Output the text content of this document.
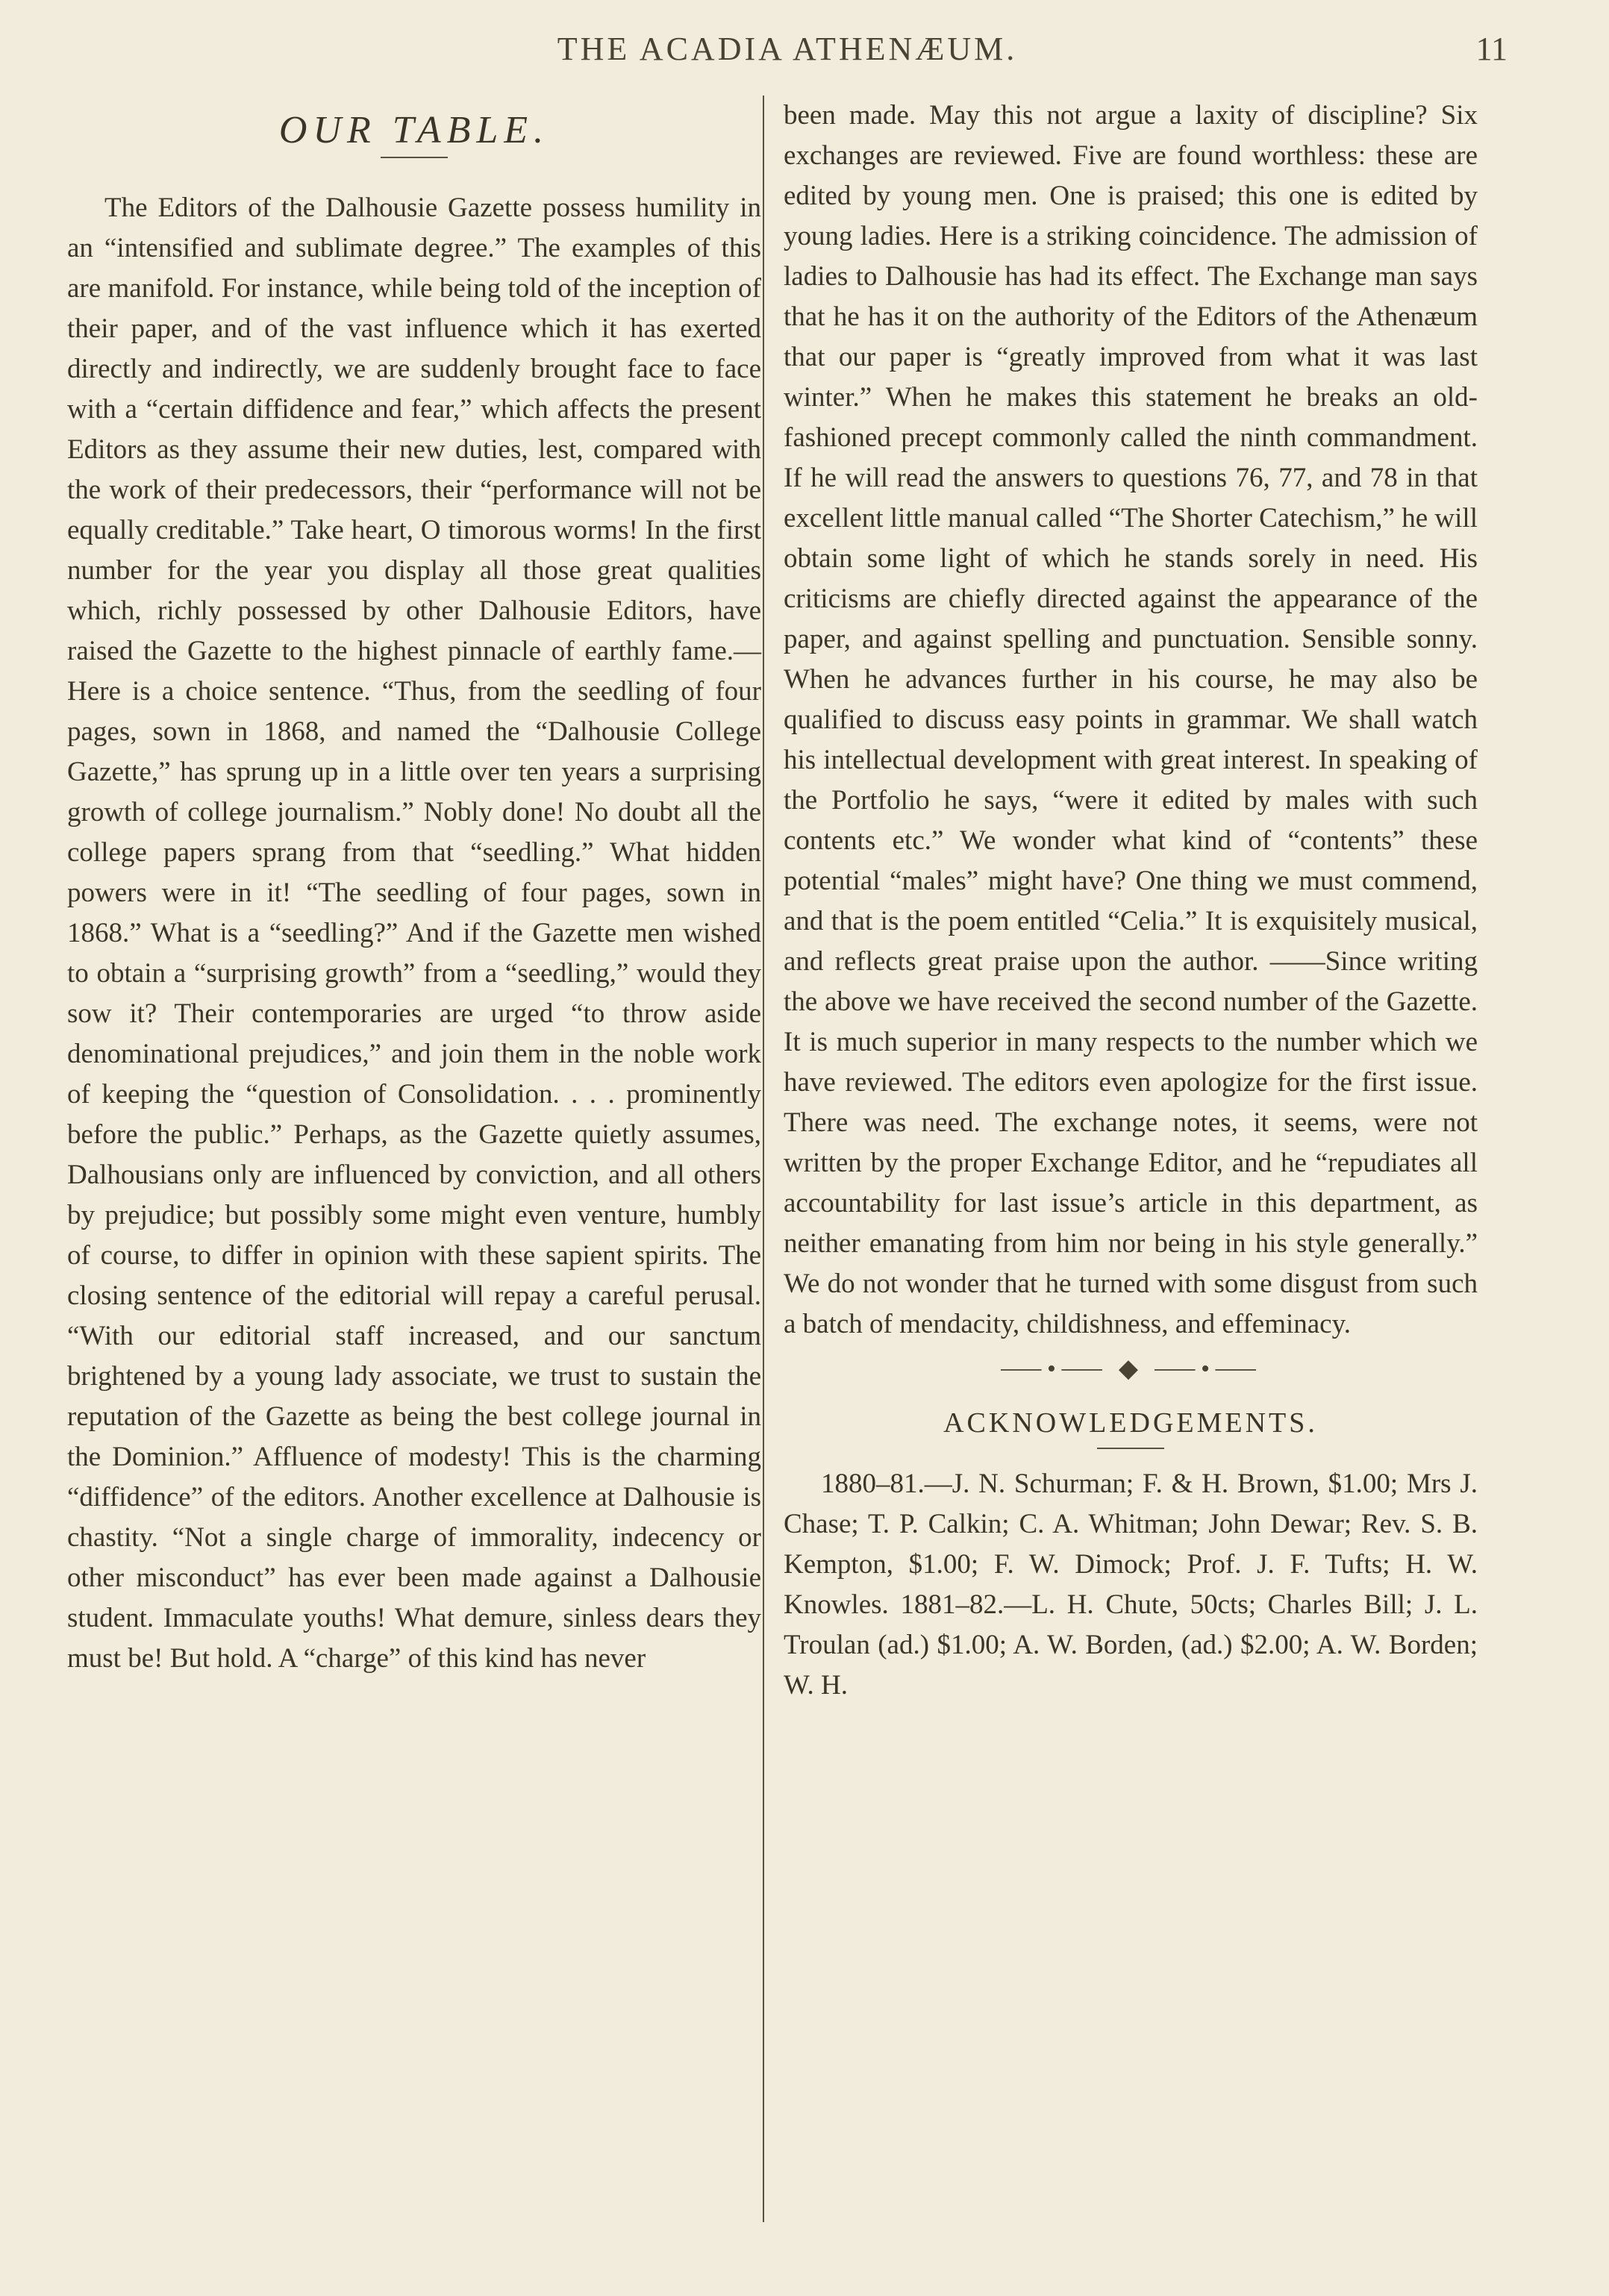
THE ACADIA ATHENÆUM.	11
OUR TABLE.

The Editors of the Dalhousie Gazette possess humility in an “intensified and sublimate degree.” The examples of this are manifold. For instance, while being told of the inception of their paper, and of the vast influence which it has exerted directly and indirectly, we are suddenly brought face to face with a “certain diffidence and fear,” which affects the present Editors as they assume their new duties, lest, compared with the work of their predecessors, their “performance will not be equally creditable.” Take heart, O timorous worms! In the first number for the year you display all those great qualities which, richly possessed by other Dalhousie Editors, have raised the Gazette to the highest pinnacle of earthly fame.—Here is a choice sentence. “Thus, from the seedling of four pages, sown in 1868, and named the “Dalhousie College Gazette,” has sprung up in a little over ten years a surprising growth of college journalism.” Nobly done! No doubt all the college papers sprang from that “seedling.” What hidden powers were in it! “The seedling of four pages, sown in 1868.” What is a “seedling?” And if the Gazette men wished to obtain a “surprising growth” from a “seedling,” would they sow it? Their contemporaries are urged “to throw aside denominational prejudices,” and join them in the noble work of keeping the “question of Consolidation. . . . prominently before the public.” Perhaps, as the Gazette quietly assumes, Dalhousians only are influenced by conviction, and all others by prejudice; but possibly some might even venture, humbly of course, to differ in opinion with these sapient spirits. The closing sentence of the editorial will repay a careful perusal. “With our editorial staff increased, and our sanctum brightened by a young lady associate, we trust to sustain the reputation of the Gazette as being the best college journal in the Dominion.” Affluence of modesty! This is the charming “diffidence” of the editors. Another excellence at Dalhousie is chastity. “Not a single charge of immorality, indecency or other misconduct” has ever been made against a Dalhousie student. Immaculate youths! What demure, sinless dears they must be! But hold. A “charge” of this kind has never

been made. May this not argue a laxity of discipline? Six exchanges are reviewed. Five are found worthless: these are edited by young men. One is praised; this one is edited by young ladies. Here is a striking coincidence. The admission of ladies to Dalhousie has had its effect. The Exchange man says that he has it on the authority of the Editors of the Athenæum that our paper is “greatly improved from what it was last winter.” When he makes this statement he breaks an old-fashioned precept commonly called the ninth commandment. If he will read the answers to questions 76, 77, and 78 in that excellent little manual called “The Shorter Catechism,” he will obtain some light of which he stands sorely in need. His criticisms are chiefly directed against the appearance of the paper, and against spelling and punctuation. Sensible sonny. When he advances further in his course, he may also be qualified to discuss easy points in grammar. We shall watch his intellectual development with great interest. In speaking of the Portfolio he says, “were it edited by males with such contents etc.” We wonder what kind of “contents” these potential “males” might have? One thing we must commend, and that is the poem entitled “Celia.” It is exquisitely musical, and reflects great praise upon the author. ——Since writing the above we have received the second number of the Gazette. It is much superior in many respects to the number which we have reviewed. The editors even apologize for the first issue. There was need. The exchange notes, it seems, were not written by the proper Exchange Editor, and he “repudiates all accountability for last issue’s article in this department, as neither emanating from him nor being in his style generally.” We do not wonder that he turned with some disgust from such a batch of mendacity, childishness, and effeminacy.

⸺•⸺ ◆ ⸺•⸺
ACKNOWLEDGEMENTS.

1880–81.—J. N. Schurman; F. & H. Brown, $1.00; Mrs J. Chase; T. P. Calkin; C. A. Whitman; John Dewar; Rev. S. B. Kempton, $1.00; F. W. Dimock; Prof. J. F. Tufts; H. W. Knowles. 1881–82.—L. H. Chute, 50cts; Charles Bill; J. L. Troulan (ad.) $1.00; A. W. Borden, (ad.) $2.00; A. W. Borden; W. H.
